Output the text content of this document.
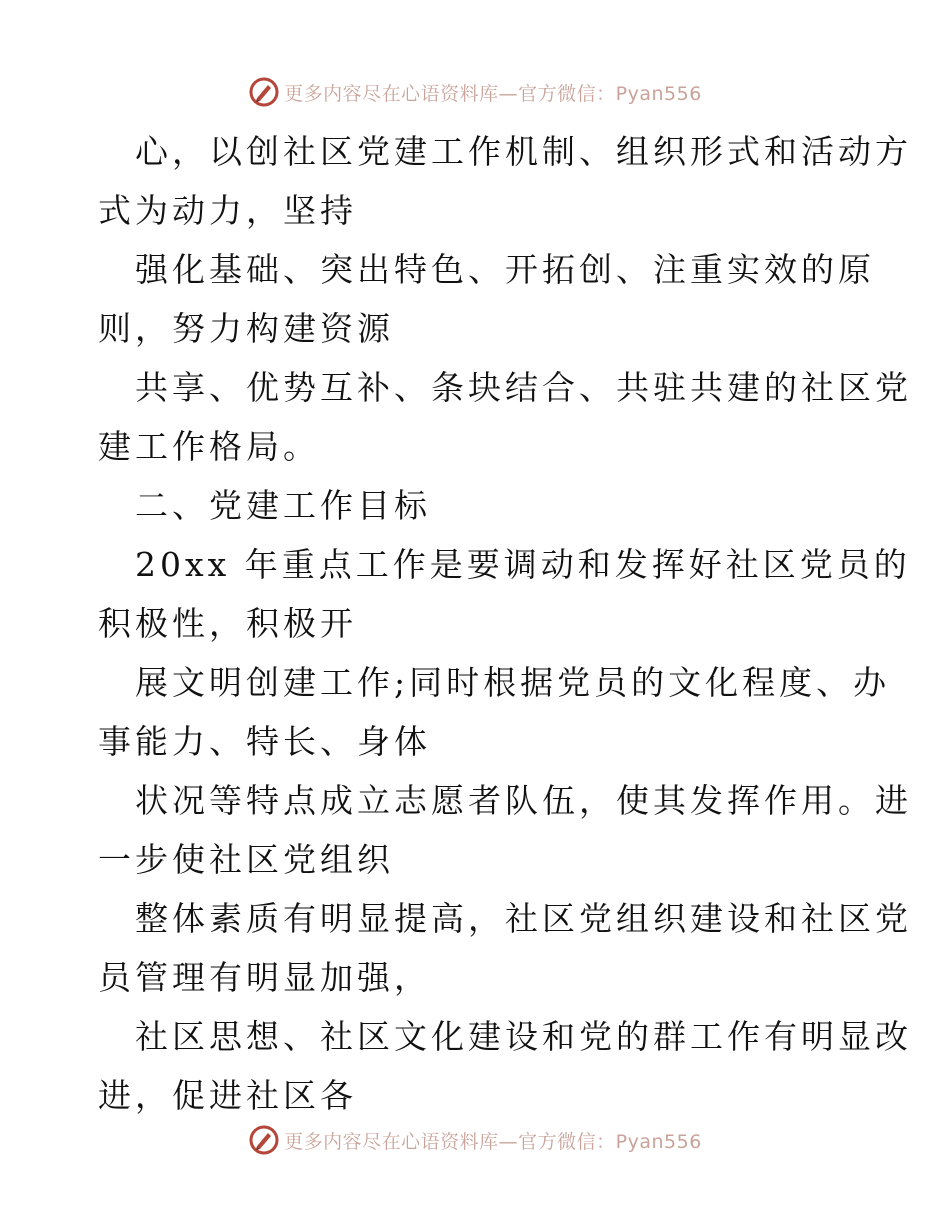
更多内容尽在心语资料库—官方微信：Pyan556

心，以创社区党建工作机制、组织形式和活动方
式为动力，坚持

强化基础、突出特色、开拓创、注重实效的原
则，努力构建资源

共享、优势互补、条块结合、共驻共建的社区党
建工作格局。

二、党建工作目标

20xx 年重点工作是要调动和发挥好社区党员的
积极性，积极开

展文明创建工作;同时根据党员的文化程度、办
事能力、特长、身体

状况等特点成立志愿者队伍，使其发挥作用。进
一步使社区党组织

整体素质有明显提高，社区党组织建设和社区党
员管理有明显加强，

社区思想、社区文化建设和党的群工作有明显改
进，促进社区各

更多内容尽在心语资料库—官方微信：Pyan556
